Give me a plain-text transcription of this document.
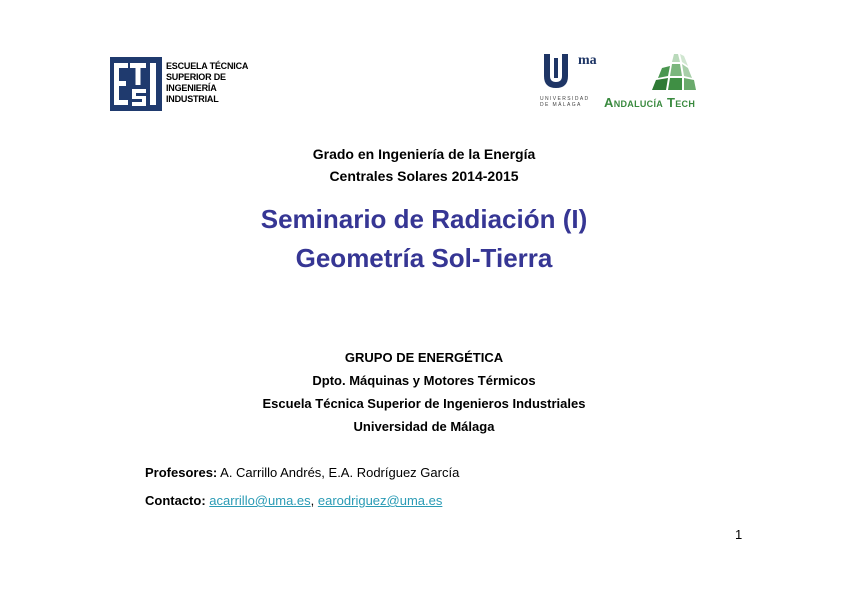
ESCUELA TÉCNICA
SUPERIOR DE
INGENIERÍA
INDUSTRIAL
ma
UNIVERSIDAD
DE MÁLAGA	Andalucía Tech
Grado en Ingeniería de la Energía
Centrales Solares 2014-2015
Seminario de Radiación (I)
Geometría Sol-Tierra
GRUPO DE ENERGÉTICA
Dpto. Máquinas y Motores Térmicos
Escuela Técnica Superior de Ingenieros Industriales
Universidad de Málaga
Profesores: A. Carrillo Andrés, E.A. Rodríguez García
Contacto: acarrillo@uma.es, earodriguez@uma.es
1
